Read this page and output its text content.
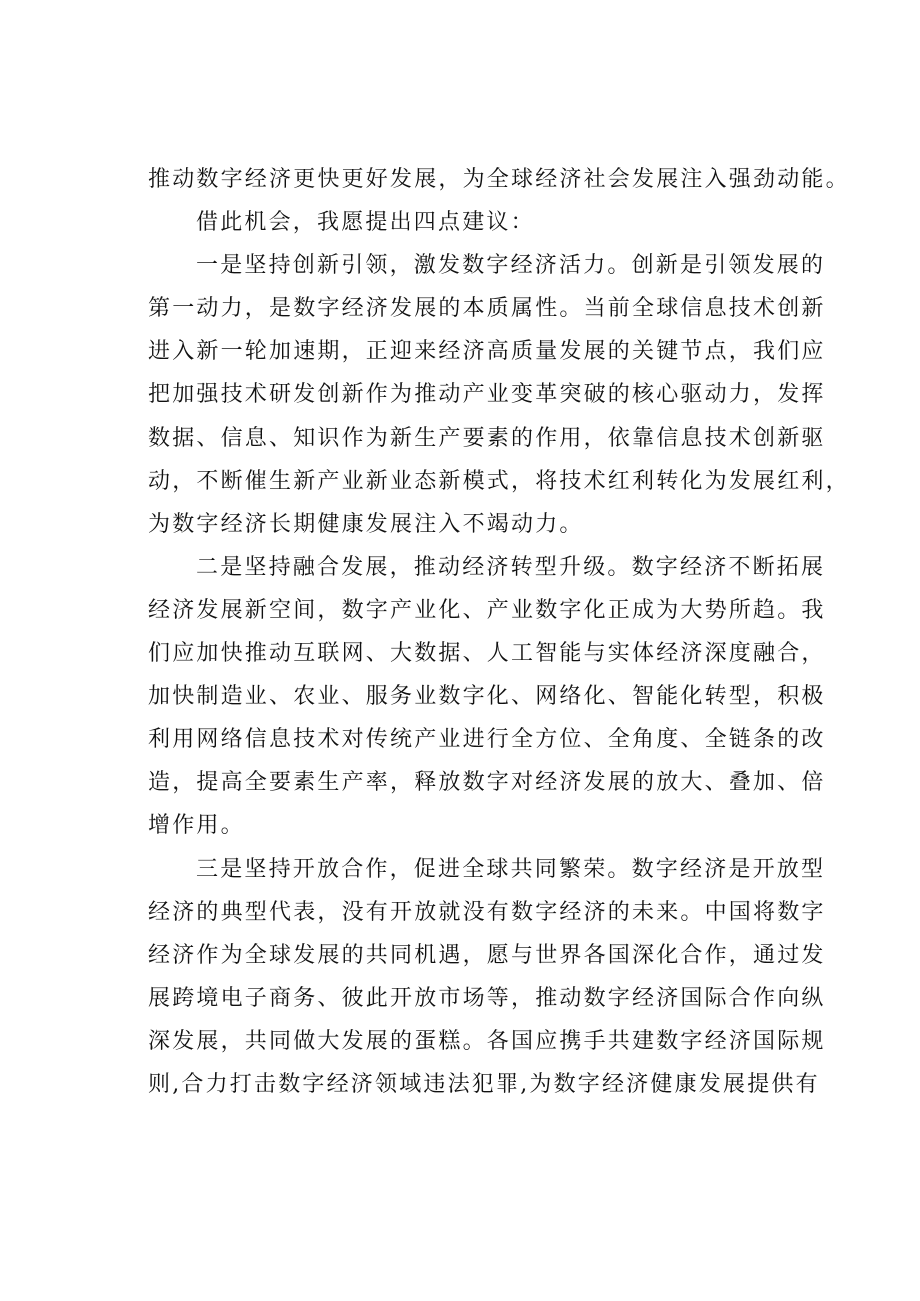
推动数字经济更快更好发展，为全球经济社会发展注入强劲动能。
借此机会，我愿提出四点建议：
一是坚持创新引领，激发数字经济活力。创新是引领发展的
第一动力，是数字经济发展的本质属性。当前全球信息技术创新
进入新一轮加速期，正迎来经济高质量发展的关键节点，我们应
把加强技术研发创新作为推动产业变革突破的核心驱动力，发挥
数据、信息、知识作为新生产要素的作用，依靠信息技术创新驱
动，不断催生新产业新业态新模式，将技术红利转化为发展红利，
为数字经济长期健康发展注入不竭动力。
二是坚持融合发展，推动经济转型升级。数字经济不断拓展
经济发展新空间，数字产业化、产业数字化正成为大势所趋。我
们应加快推动互联网、大数据、人工智能与实体经济深度融合，
加快制造业、农业、服务业数字化、网络化、智能化转型，积极
利用网络信息技术对传统产业进行全方位、全角度、全链条的改
造，提高全要素生产率，释放数字对经济发展的放大、叠加、倍
增作用。
三是坚持开放合作，促进全球共同繁荣。数字经济是开放型
经济的典型代表，没有开放就没有数字经济的未来。中国将数字
经济作为全球发展的共同机遇，愿与世界各国深化合作，通过发
展跨境电子商务、彼此开放市场等，推动数字经济国际合作向纵
深发展，共同做大发展的蛋糕。各国应携手共建数字经济国际规
则,合力打击数字经济领域违法犯罪,为数字经济健康发展提供有
